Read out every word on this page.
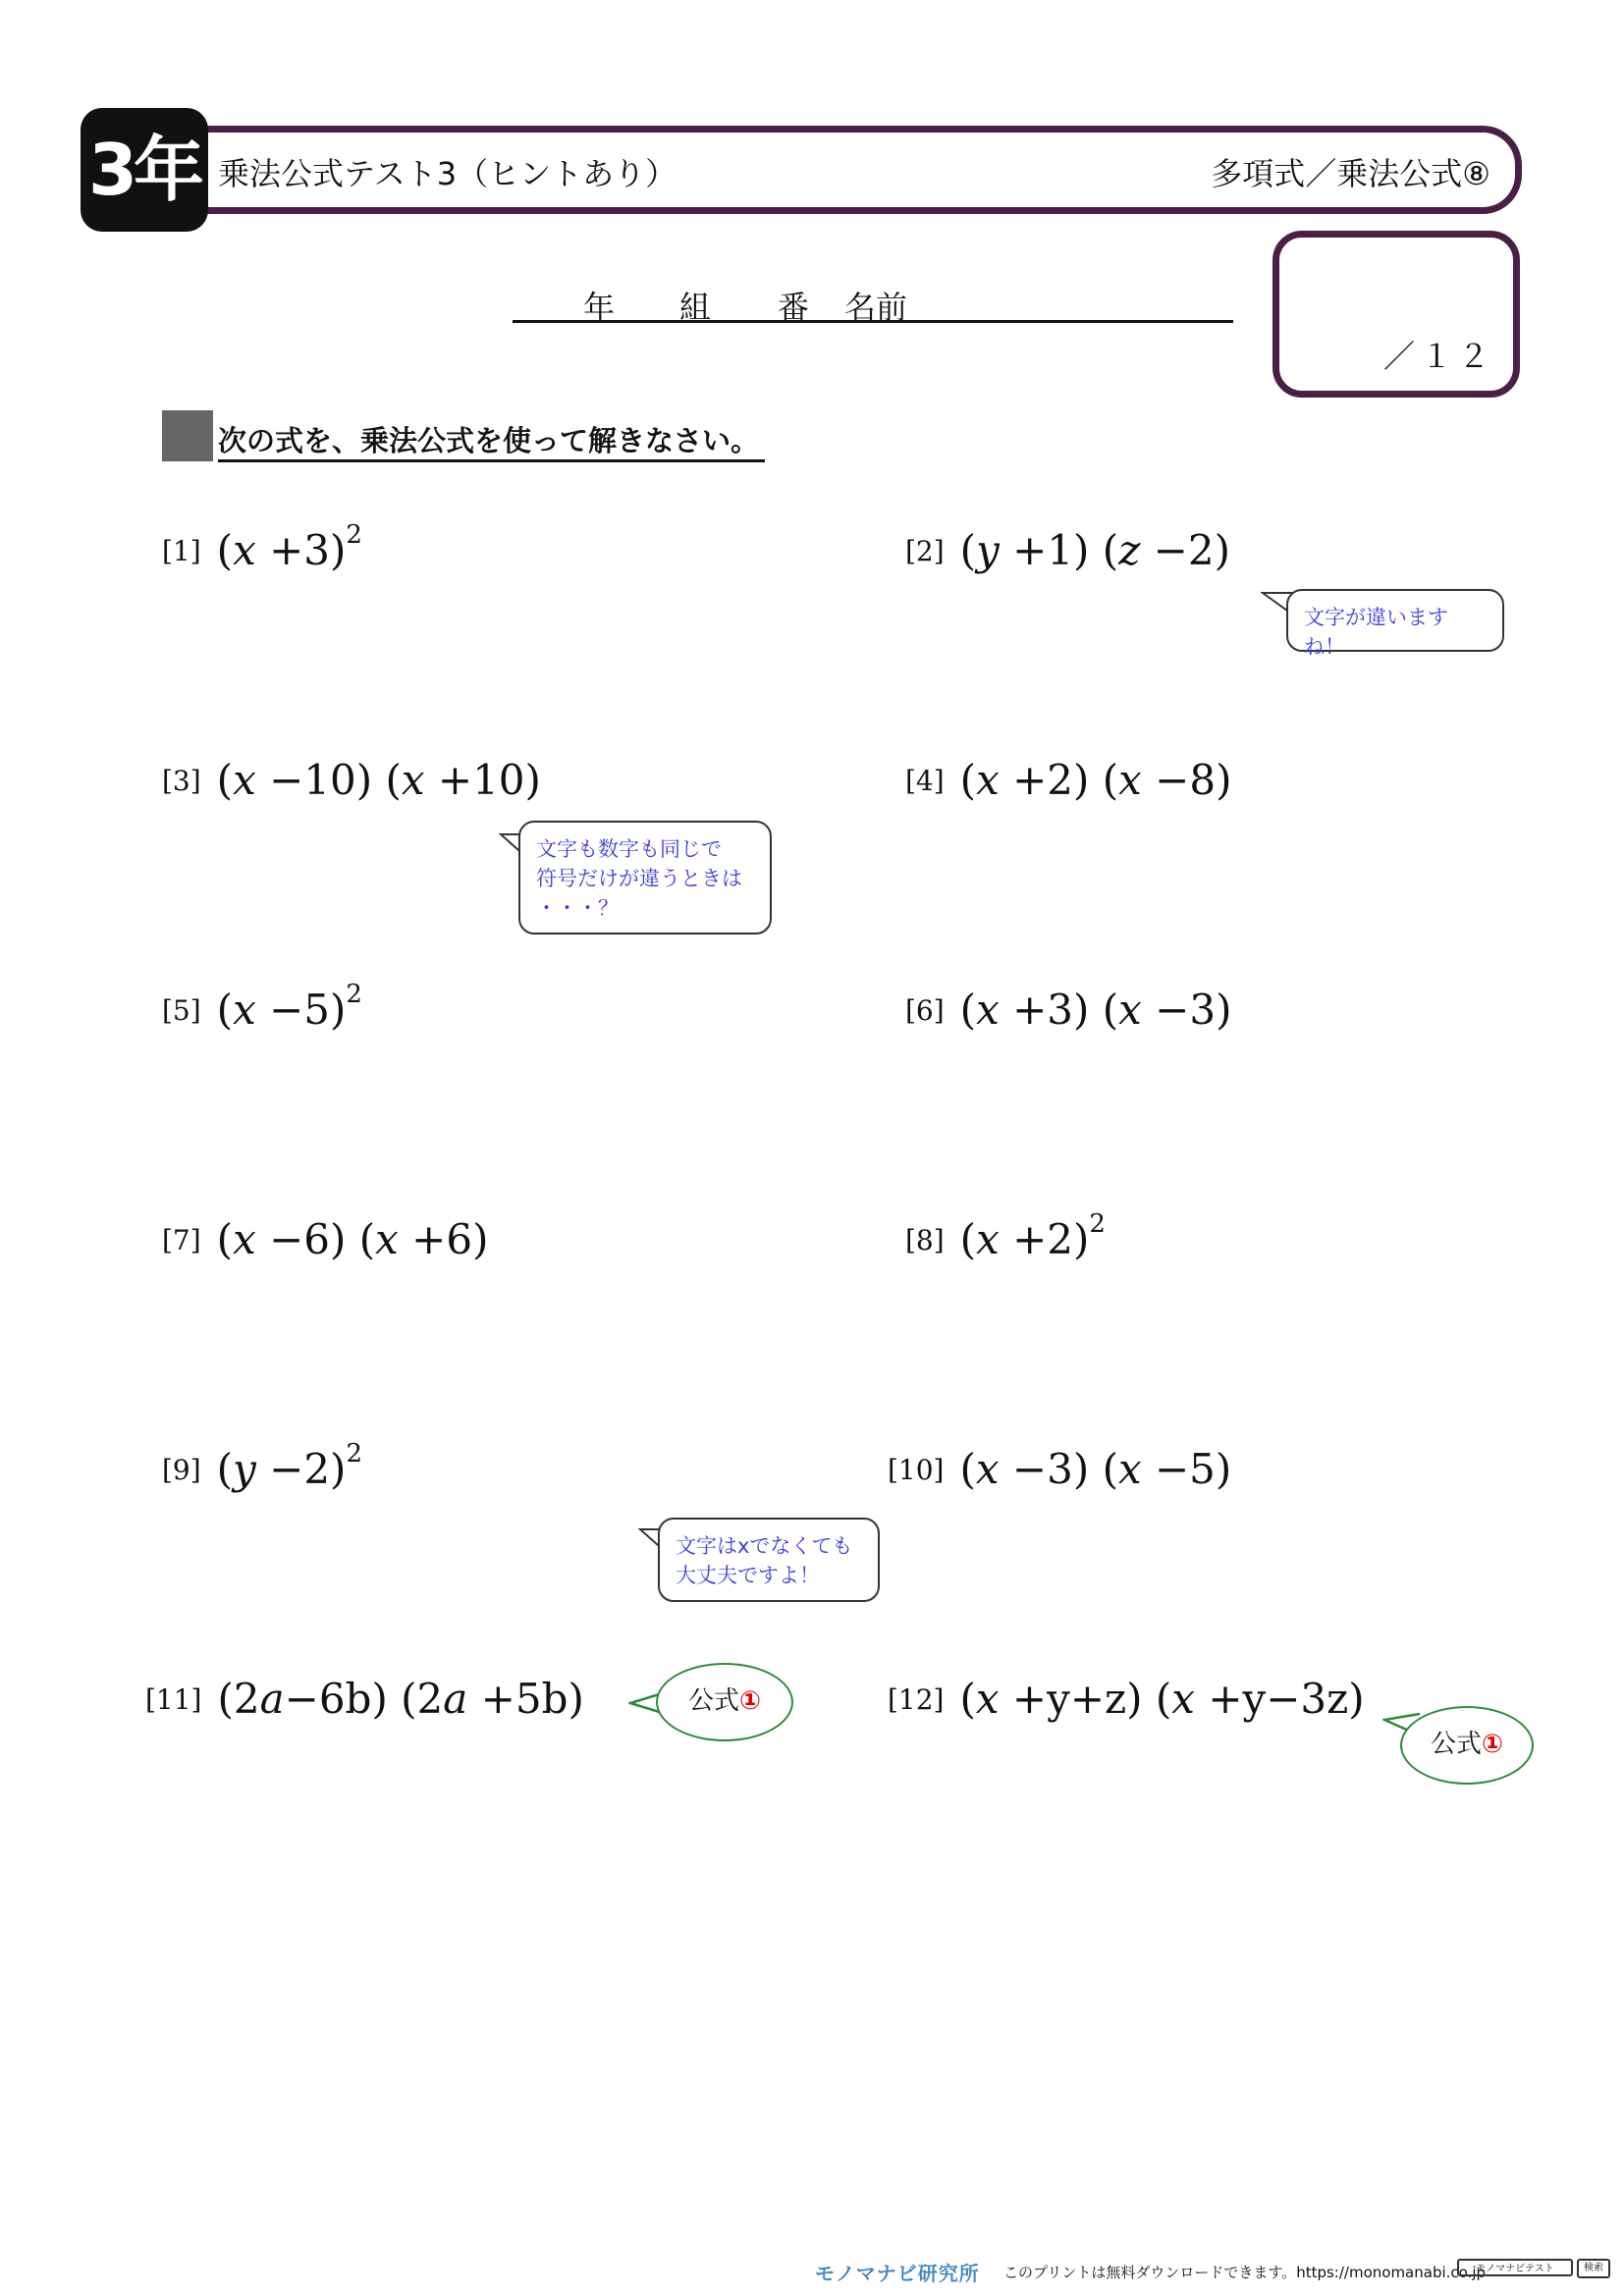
3年 乗法公式テスト3（ヒントあり）	多項式／乗法公式⑧
年 組 番 名前
／１２
次の式を、乗法公式を使って解きなさい。
[1] $(x +3)^2$	[2] (y +1) (z −2)
[3] (x −10) (x +10)	[4] (x +2) (x −8)
[5] $(x -5)^2$	[6] (x +3) (x −3)
[7] (x −6) (x +6)	[8] $(x +2)^2$
[9] $(y -2)^2$	[10] (x −3) (x −5)
[11] (2a−6b) (2a +5b)	[12] (x +y+z) (x +y−3z)
文字が違いますね！
文字も数字も同じで
符号だけが違うときは
・・・？
文字はxでなくても
大丈夫ですよ！
公式①
公式①
モノマナビ研究所 このプリントは無料ダウンロードできます。https://monomanabi.co.jp
モノマナビテスト	検索
